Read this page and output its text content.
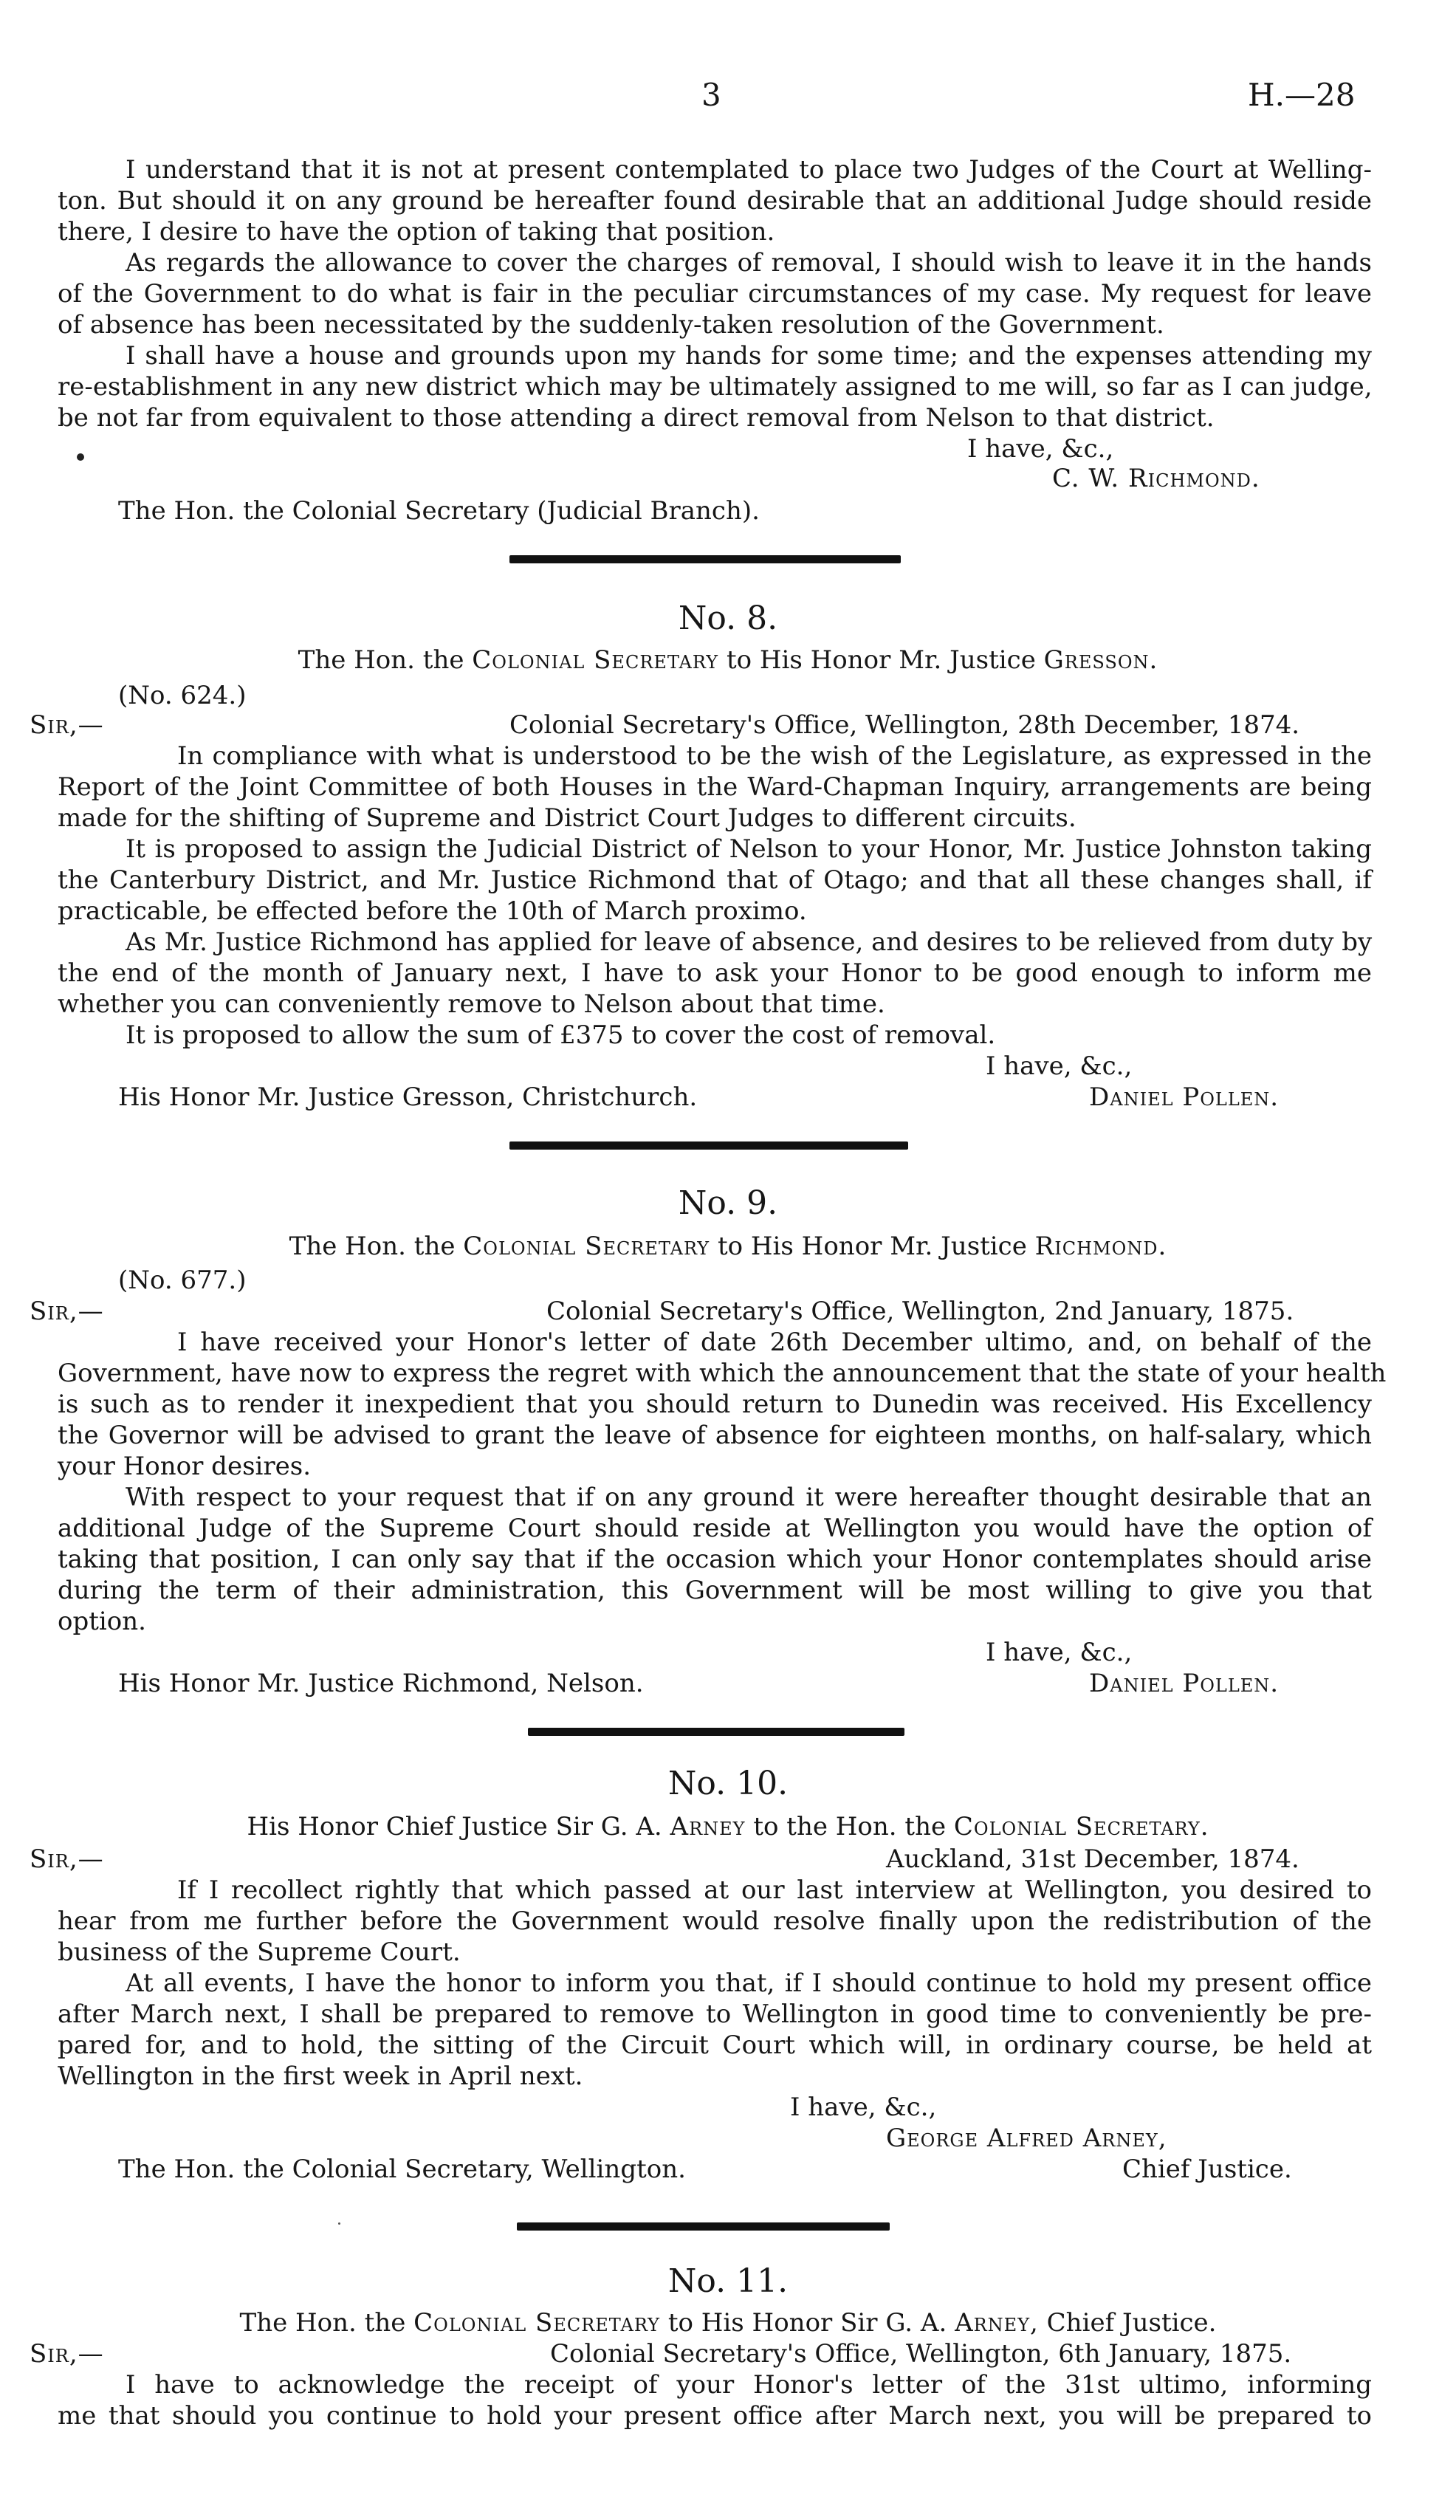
3	H.—28
I understand that it is not at present contemplated to place two Judges of the Court at Welling-
ton. But should it on any ground be hereafter found desirable that an additional Judge should reside
there, I desire to have the option of taking that position.
As regards the allowance to cover the charges of removal, I should wish to leave it in the hands
of the Government to do what is fair in the peculiar circumstances of my case. My request for leave
of absence has been necessitated by the suddenly-taken resolution of the Government.
I shall have a house and grounds upon my hands for some time; and the expenses attending my
re-establishment in any new district which may be ultimately assigned to me will, so far as I can judge,
be not far from equivalent to those attending a direct removal from Nelson to that district.
I have, &c.,
C. W. Richmond.
The Hon. the Colonial Secretary (Judicial Branch).
No. 8.
The Hon. the Colonial Secretary to His Honor Mr. Justice Gresson.
(No. 624.)
Sir,—	Colonial Secretary's Office, Wellington, 28th December, 1874.
In compliance with what is understood to be the wish of the Legislature, as expressed in the
Report of the Joint Committee of both Houses in the Ward-Chapman Inquiry, arrangements are being
made for the shifting of Supreme and District Court Judges to different circuits.
It is proposed to assign the Judicial District of Nelson to your Honor, Mr. Justice Johnston taking
the Canterbury District, and Mr. Justice Richmond that of Otago; and that all these changes shall, if
practicable, be effected before the 10th of March proximo.
As Mr. Justice Richmond has applied for leave of absence, and desires to be relieved from duty by
the end of the month of January next, I have to ask your Honor to be good enough to inform me
whether you can conveniently remove to Nelson about that time.
It is proposed to allow the sum of £375 to cover the cost of removal.
I have, &c.,
His Honor Mr. Justice Gresson, Christchurch.	Daniel Pollen.
No. 9.
The Hon. the Colonial Secretary to His Honor Mr. Justice Richmond.
(No. 677.)
Sir,—	Colonial Secretary's Office, Wellington, 2nd January, 1875.
I have received your Honor's letter of date 26th December ultimo, and, on behalf of the
Government, have now to express the regret with which the announcement that the state of your health
is such as to render it inexpedient that you should return to Dunedin was received. His Excellency
the Governor will be advised to grant the leave of absence for eighteen months, on half-salary, which
your Honor desires.
With respect to your request that if on any ground it were hereafter thought desirable that an
additional Judge of the Supreme Court should reside at Wellington you would have the option of
taking that position, I can only say that if the occasion which your Honor contemplates should arise
during the term of their administration, this Government will be most willing to give you that
option.
I have, &c.,
His Honor Mr. Justice Richmond, Nelson.	Daniel Pollen.
No. 10.
His Honor Chief Justice Sir G. A. Arney to the Hon. the Colonial Secretary.
Sir,—	Auckland, 31st December, 1874.
If I recollect rightly that which passed at our last interview at Wellington, you desired to
hear from me further before the Government would resolve finally upon the redistribution of the
business of the Supreme Court.
At all events, I have the honor to inform you that, if I should continue to hold my present office
after March next, I shall be prepared to remove to Wellington in good time to conveniently be pre-
pared for, and to hold, the sitting of the Circuit Court which will, in ordinary course, be held at
Wellington in the first week in April next.
I have, &c.,
George Alfred Arney,
The Hon. the Colonial Secretary, Wellington.	Chief Justice.
No. 11.
The Hon. the Colonial Secretary to His Honor Sir G. A. Arney, Chief Justice.
Sir,—	Colonial Secretary's Office, Wellington, 6th January, 1875.
I have to acknowledge the receipt of your Honor's letter of the 31st ultimo, informing
me that should you continue to hold your present office after March next, you will be prepared to
